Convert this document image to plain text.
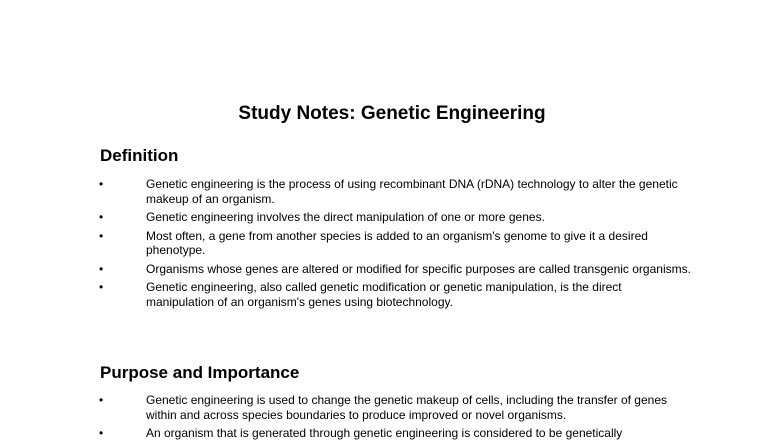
Study Notes: Genetic Engineering
Definition
•	Genetic engineering is the process of using recombinant DNA (rDNA) technology to alter the genetic makeup of an organism.
•	Genetic engineering involves the direct manipulation of one or more genes.
•	Most often, a gene from another species is added to an organism's genome to give it a desired phenotype.
•	Organisms whose genes are altered or modified for specific purposes are called transgenic organisms.
•	Genetic engineering, also called genetic modification or genetic manipulation, is the direct manipulation of an organism's genes using biotechnology.
Purpose and Importance
•	Genetic engineering is used to change the genetic makeup of cells, including the transfer of genes within and across species boundaries to produce improved or novel organisms.
•	An organism that is generated through genetic engineering is considered to be genetically
